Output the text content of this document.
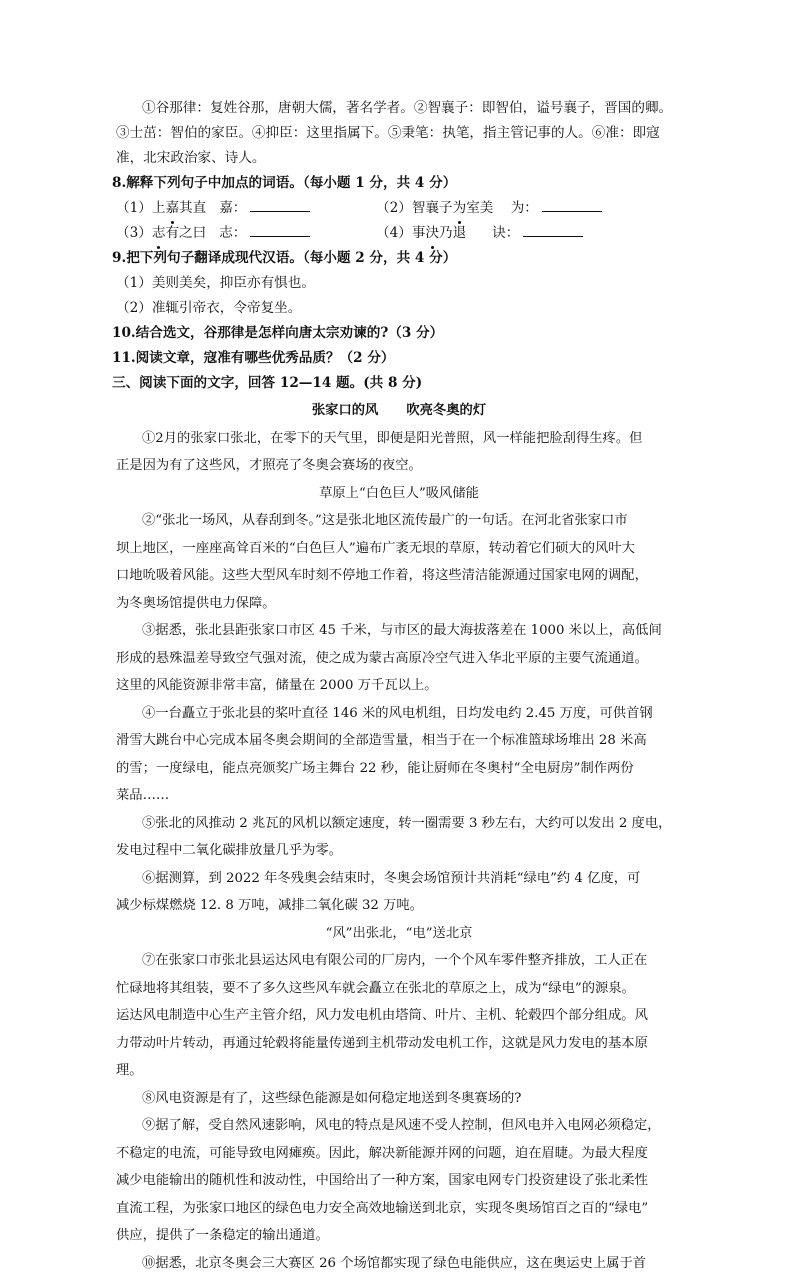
①谷那律：复姓谷那，唐朝大儒，著名学者。②智襄子：即智伯，谥号襄子，晋国的卿。
③士茁：智伯的家臣。④抑臣：这里指属下。⑤秉笔：执笔，指主管记事的人。⑥准：即寇
准，北宋政治家、诗人。
8.解释下列句子中加点的词语。（每小题 1 分，共 4 分）
（1）上嘉其直 嘉：	（2）智襄子为室美 为：
（3）志有之曰 志：	（4）事決乃退 诀：
9.把下列句子翻译成现代汉语。（每小题 2 分，共 4 分）
（1）美则美矣，抑臣亦有惧也。
（2）准辄引帝衣，令帝复坐。
10.结合选文，谷那律是怎样向唐太宗劝谏的?（3 分）
11.阅读文章，寇准有哪些优秀品质？（2 分）
三、阅读下面的文字，回答 12—14 题。(共 8 分)
张家口的风 吹亮冬奥的灯
①2月的张家口张北，在零下的天气里，即便是阳光普照，风一样能把脸刮得生疼。但
正是因为有了这些风，才照亮了冬奥会赛场的夜空。
草原上“白色巨人”吸风储能
②“张北一场风，从春刮到冬。”这是张北地区流传最广的一句话。在河北省张家口市
坝上地区，一座座高耸百米的“白色巨人”遍布广袤无垠的草原，转动着它们硕大的风叶大
口地吮吸着风能。这些大型风车时刻不停地工作着，将这些清洁能源通过国家电网的调配，
为冬奥场馆提供电力保障。
③据悉，张北县距张家口市区 45 千米，与市区的最大海拔落差在 1000 米以上，高低间
形成的悬殊温差导致空气强对流，使之成为蒙古高原冷空气进入华北平原的主要气流通道。
这里的风能资源非常丰富，储量在 2000 万千瓦以上。
④一台矗立于张北县的桨叶直径 146 米的风电机组，日均发电约 2.45 万度，可供首钢
滑雪大跳台中心完成本届冬奥会期间的全部造雪量，相当于在一个标准篮球场堆出 28 米高
的雪；一度绿电，能点亮颁奖广场主舞台 22 秒，能让厨师在冬奥村“全电厨房”制作两份
菜品……
⑤张北的风推动 2 兆瓦的风机以额定速度，转一圈需要 3 秒左右，大约可以发出 2 度电，
发电过程中二氧化碳排放量几乎为零。
⑥据测算，到 2022 年冬残奥会结束时，冬奥会场馆预计共消耗“绿电”约 4 亿度，可
减少标煤燃烧 12. 8 万吨，减排二氧化碳 32 万吨。
“风”出张北，“电”送北京
⑦在张家口市张北县运达风电有限公司的厂房内，一个个风车零件整齐排放，工人正在
忙碌地将其组装，要不了多久这些风车就会矗立在张北的草原之上，成为“绿电”的源泉。
运达风电制造中心生产主管介绍，风力发电机由塔筒、叶片、主机、轮毂四个部分组成。风
力带动叶片转动，再通过轮毂将能量传递到主机带动发电机工作，这就是风力发电的基本原
理。
⑧风电资源是有了，这些绿色能源是如何稳定地送到冬奥赛场的?
⑨据了解，受自然风速影响，风电的特点是风速不受人控制，但风电并入电网必须稳定，
不稳定的电流，可能导致电网瘫痪。因此，解决新能源并网的问题，迫在眉睫。为最大程度
减少电能输出的随机性和波动性，中国给出了一种方案，国家电网专门投资建设了张北柔性
直流工程，为张家口地区的绿色电力安全高效地输送到北京，实现冬奥场馆百之百的“绿电”
供应，提供了一条稳定的输出通道。
⑩据悉，北京冬奥会三大赛区 26 个场馆都实现了绿色电能供应，这在奥运史上属于首
